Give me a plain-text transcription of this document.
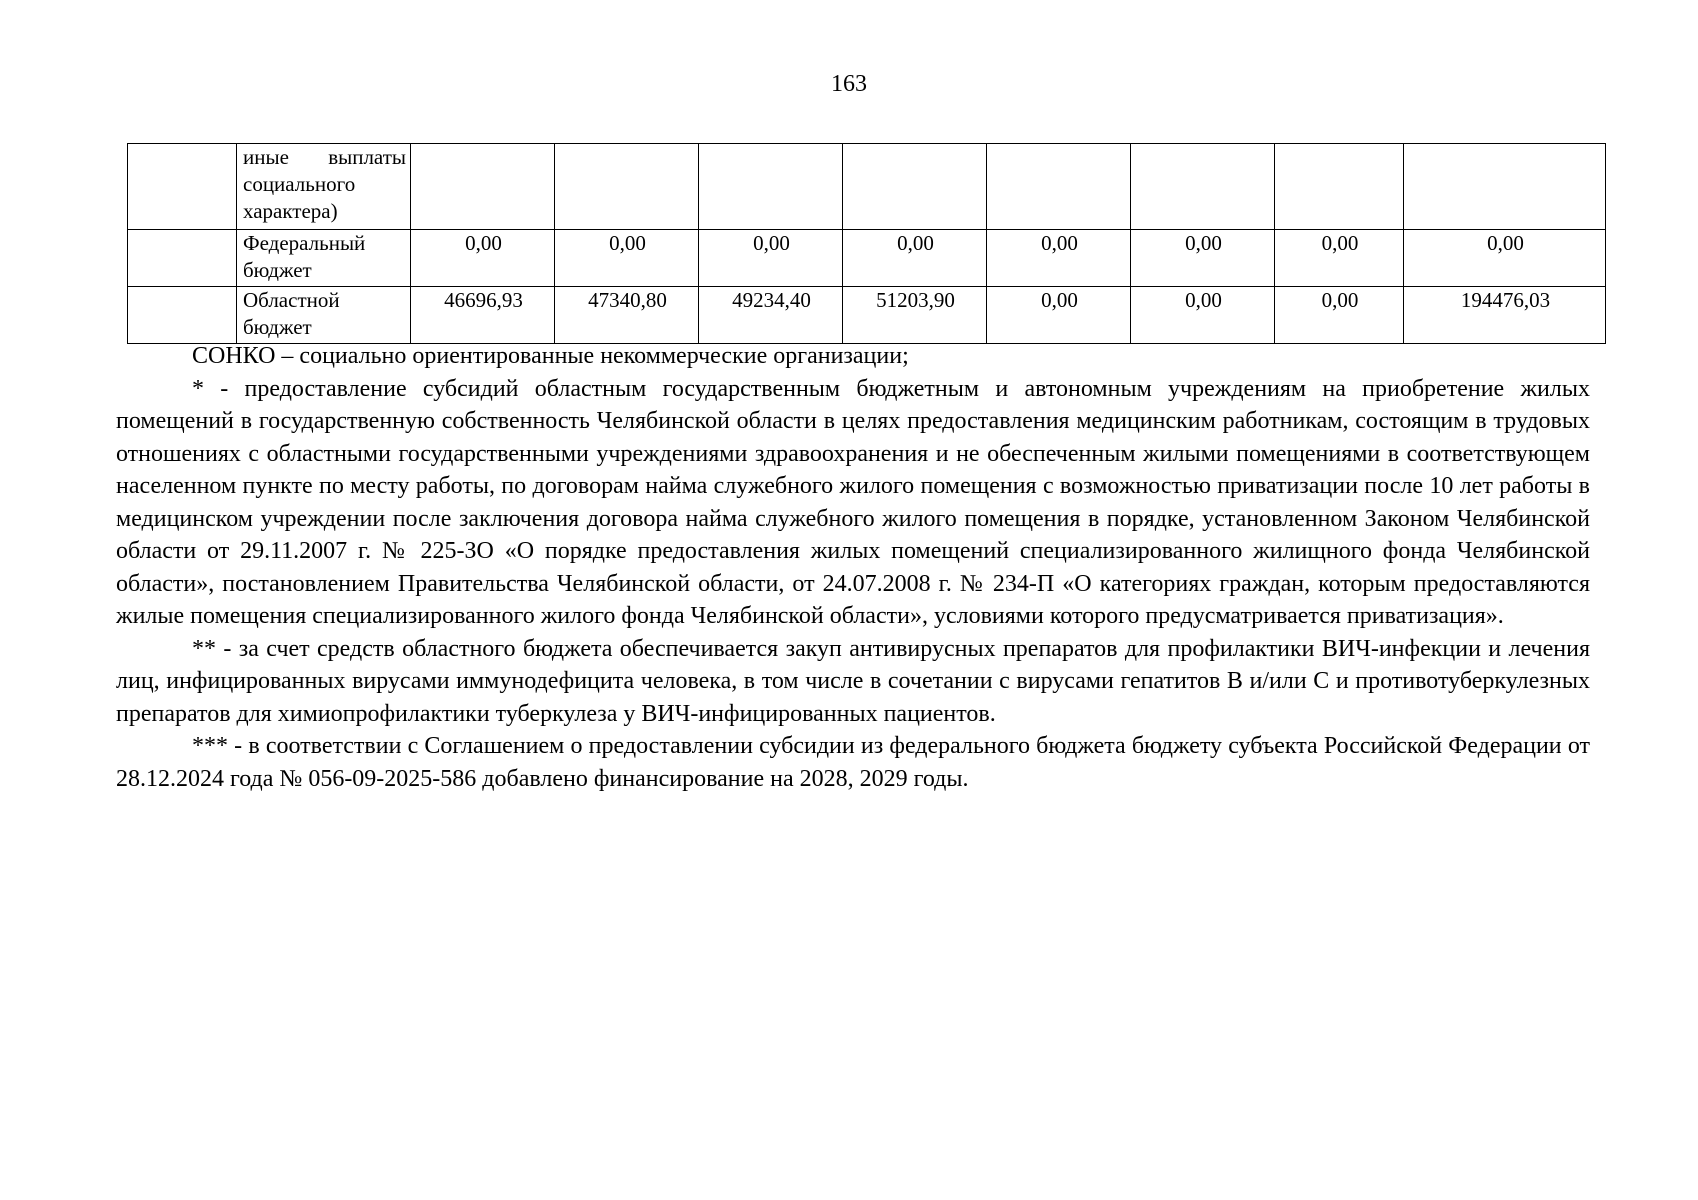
163
	иные выплаты социального характера)								
	Федеральный бюджет	0,00	0,00	0,00	0,00	0,00	0,00	0,00	0,00
	Областной бюджет	46696,93	47340,80	49234,40	51203,90	0,00	0,00	0,00	194476,03

СОНКО – социально ориентированные некоммерческие организации;

* - предоставление субсидий областным государственным бюджетным и автономным учреждениям на приобретение жилых помещений в государственную собственность Челябинской области в целях предоставления медицинским работникам, состоящим в трудовых отношениях с областными государственными учреждениями здравоохранения и не обеспеченным жилыми помещениями в соответствующем населенном пункте по месту работы, по договорам найма служебного жилого помещения с возможностью приватизации после 10 лет работы в медицинском учреждении после заключения договора найма служебного жилого помещения в порядке, установленном Законом Челябинской области от 29.11.2007 г. № 225-ЗО «О порядке предоставления жилых помещений специализированного жилищного фонда Челябинской области», постановлением Правительства Челябинской области, от 24.07.2008 г. № 234-П «О категориях граждан, которым предоставляются жилые помещения специализированного жилого фонда Челябинской области», условиями которого предусматривается приватизация».

** - за счет средств областного бюджета обеспечивается закуп антивирусных препаратов для профилактики ВИЧ-инфекции и лечения лиц, инфицированных вирусами иммунодефицита человека, в том числе в сочетании с вирусами гепатитов В и/или С и противотуберкулезных препаратов для химиопрофилактики туберкулеза у ВИЧ-инфицированных пациентов.

*** - в соответствии с Соглашением о предоставлении субсидии из федерального бюджета бюджету субъекта Российской Федерации от 28.12.2024 года № 056-09-2025-586 добавлено финансирование на 2028, 2029 годы.
